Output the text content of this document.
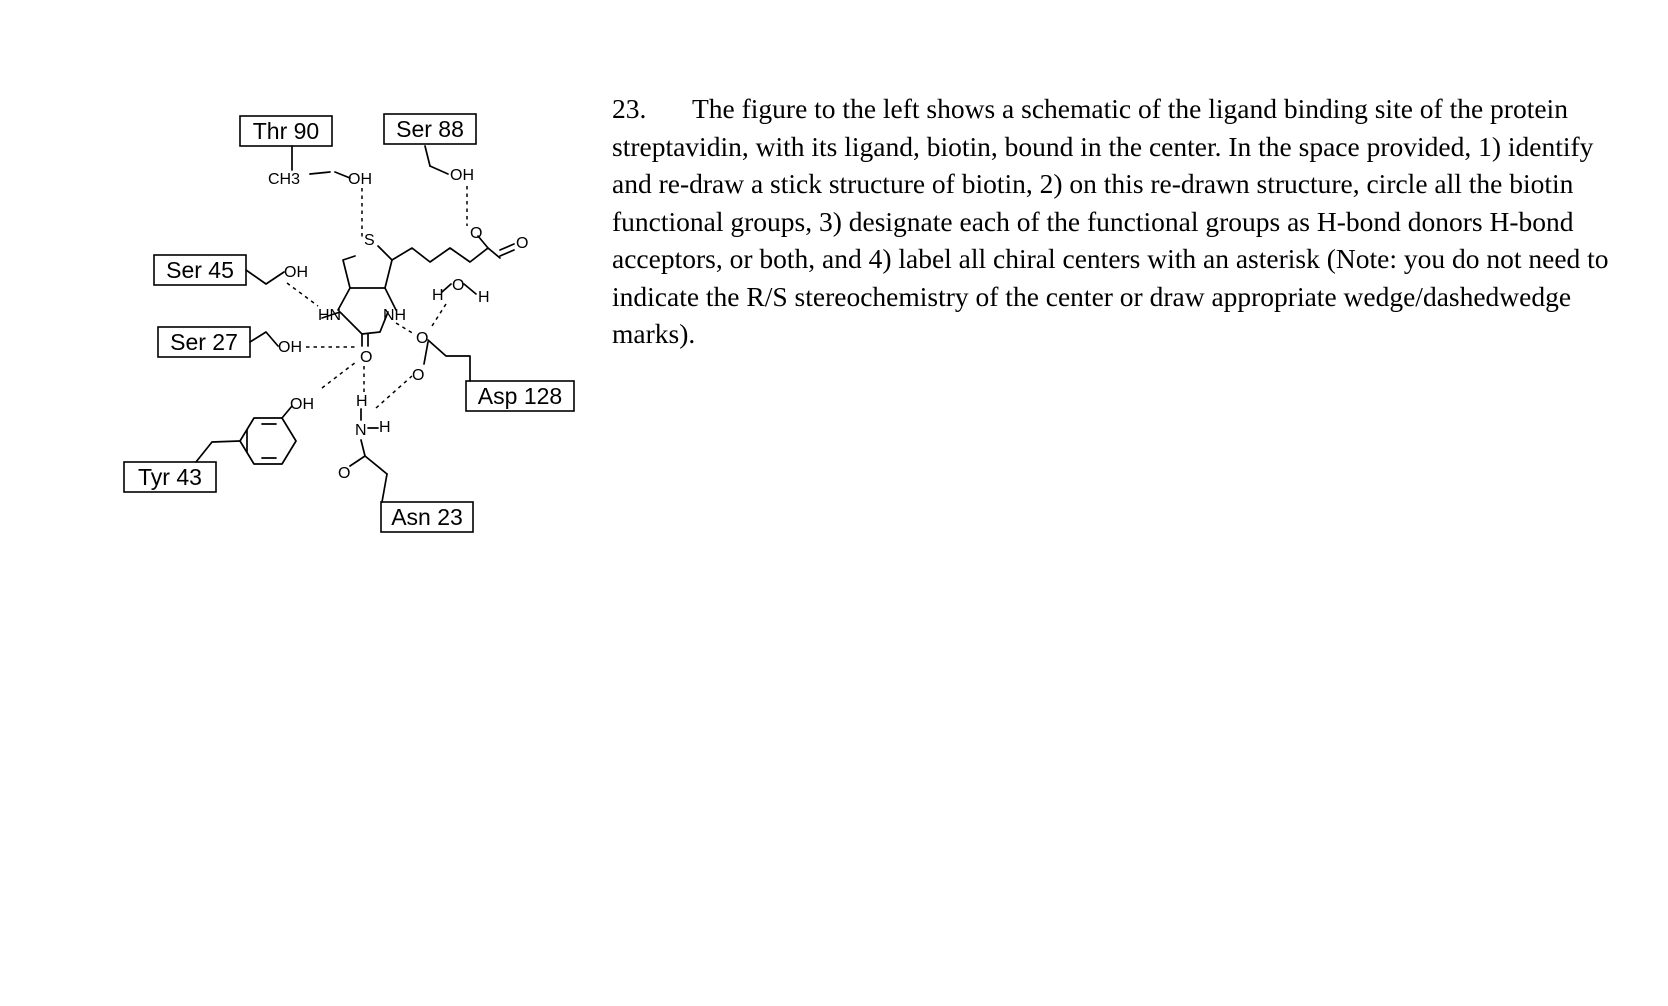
Thr 90	Ser 88
Ser 45
Ser 27
Tyr 43
Asp 128
Asn 23
CH3	OH	OH
OH
OH
OH
S
HN	NH
O
O
O
H
O
H
O
O
H
N H
O
23. The figure to the left shows a schematic of the ligand binding site of the protein streptavidin, with its ligand, biotin, bound in the center. In the space provided, 1) identify and re-draw a stick structure of biotin, 2) on this re-drawn structure, circle all the biotin functional groups, 3) designate each of the functional groups as H-bond donors H-bond acceptors, or both, and 4) label all chiral centers with an asterisk (Note: you do not need to indicate the R/S stereochemistry of the center or draw appropriate wedge/dashedwedge marks).
